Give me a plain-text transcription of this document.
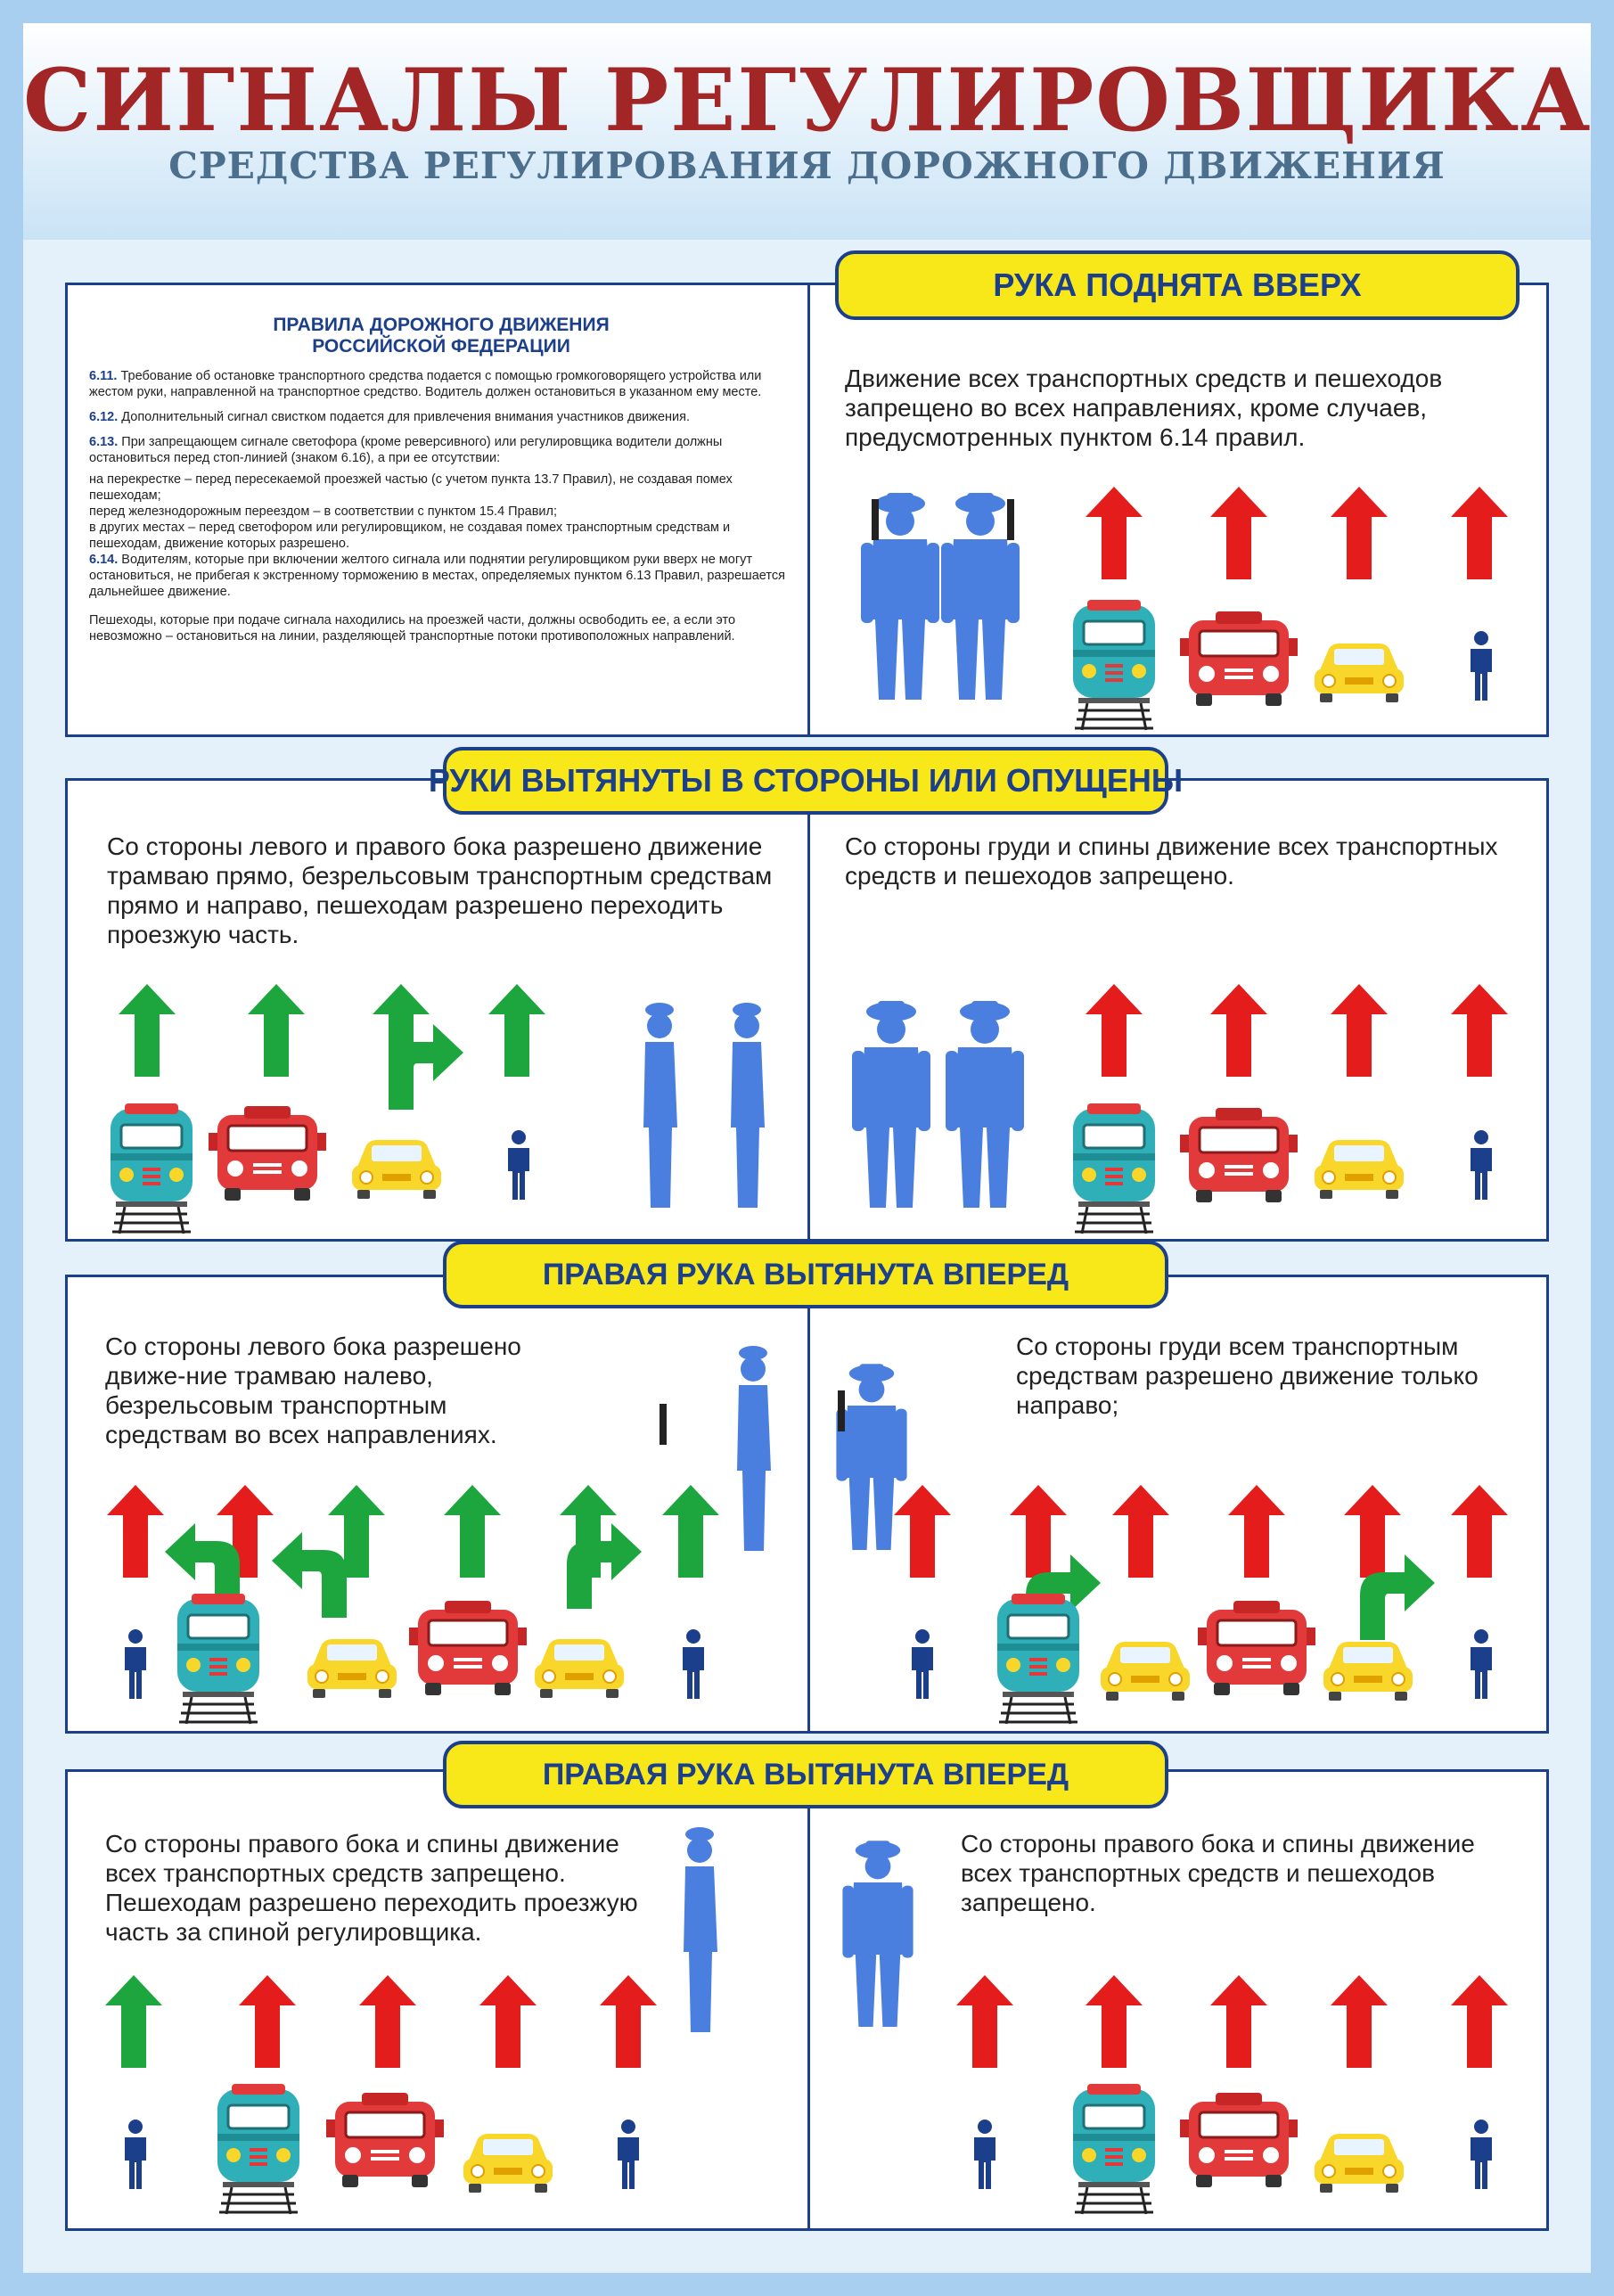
СИГНАЛЫ РЕГУЛИРОВЩИКА
СРЕДСТВА РЕГУЛИРОВАНИЯ ДОРОЖНОГО ДВИЖЕНИЯ
ПРАВИЛА ДОРОЖНОГО ДВИЖЕНИЯ
РОССИЙСКОЙ ФЕДЕРАЦИИ

6.11. Требование об остановке транспортного средства подается с помощью громкоговорящего устройства или жестом руки, направленной на транспортное средство. Водитель должен остановиться в указанном ему месте.

6.12. Дополнительный сигнал свистком подается для привлечения внимания участников движения.

6.13. При запрещающем сигнале светофора (кроме реверсивного) или регулировщика водители должны остановиться перед стоп-линией (знаком 6.16), а при ее отсутствии:

на перекрестке – перед пересекаемой проезжей частью (с учетом пункта 13.7 Правил), не создавая помех пешеходам;
перед железнодорожным переездом – в соответствии с пунктом 15.4 Правил;
в других местах – перед светофором или регулировщиком, не создавая помех транспортным средствам и пешеходам, движение которых разрешено.

6.14. Водителям, которые при включении желтого сигнала или поднятии регулировщиком руки вверх не могут остановиться, не прибегая к экстренному торможению в местах, определяемых пунктом 6.13 Правил, разрешается дальнейшее движение.

Пешеходы, которые при подаче сигнала находились на проезжей части, должны освободить ее, а если это невозможно – остановиться на линии, разделяющей транспортные потоки противоположных направлений.
РУКА ПОДНЯТА ВВЕРХ
РУКИ ВЫТЯНУТЫ В СТОРОНЫ ИЛИ ОПУЩЕНЫ
ПРАВАЯ РУКА ВЫТЯНУТА ВПЕРЕД
ПРАВАЯ РУКА ВЫТЯНУТА ВПЕРЕД
Движение всех транспортных средств и пешеходов запрещено во всех направлениях, кроме случаев, предусмотренных пунктом 6.14 правил.
Со стороны левого и правого бока разрешено движение трамваю прямо, безрельсовым транспортным средствам прямо и направо, пешеходам разрешено переходить проезжую часть.
Со стороны груди и спины движение всех транспортных средств и пешеходов запрещено.
Со стороны левого бока разрешено движе-ние трамваю налево, безрельсовым транспортным средствам во всех направлениях.
Со стороны груди всем транспортным средствам разрешено движение только направо;
Со стороны правого бока и спины движение всех транспортных средств запрещено. Пешеходам разрешено переходить проезжую часть за спиной регулировщика.
Со стороны правого бока и спины движение всех транспортных средств и пешеходов запрещено.
